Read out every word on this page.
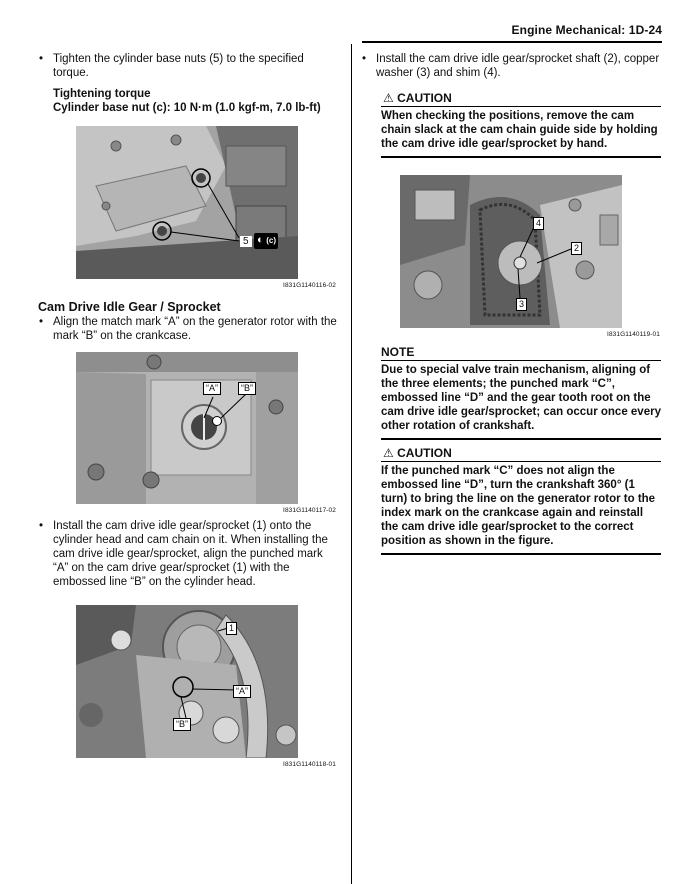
Engine Mechanical: 1D-24
• Tighten the cylinder base nuts (5) to the specified torque.
Tightening torque
Cylinder base nut (c): 10 N·m (1.0 kgf-m, 7.0 lb-ft)
5 ◐ (c)
I831G1140116-02
Cam Drive Idle Gear / Sprocket
• Align the match mark “A” on the generator rotor with the mark “B” on the crankcase.
“A”	“B”
I831G1140117-02
• Install the cam drive idle gear/sprocket (1) onto the cylinder head and cam chain on it. When installing the cam drive idle gear/sprocket, align the punched mark “A” on the cam drive gear/sprocket (1) with the embossed line “B” on the cylinder head.
1
“A”
“B”
I831G1140118-01
• Install the cam drive idle gear/sprocket shaft (2), copper washer (3) and shim (4).
⚠ CAUTION
When checking the positions, remove the cam chain slack at the cam chain guide side by holding the cam drive idle gear/sprocket by hand.
4
2
3
I831G1140119-01
NOTE
Due to special valve train mechanism, aligning of the three elements; the punched mark “C”, embossed line “D” and the gear tooth root on the cam drive idle gear/sprocket; can occur once every other rotation of crankshaft.
⚠ CAUTION
If the punched mark “C” does not align the embossed line “D”, turn the crankshaft 360° (1 turn) to bring the line on the generator rotor to the index mark on the crankcase again and reinstall the cam drive idle gear/sprocket to the correct position as shown in the figure.
